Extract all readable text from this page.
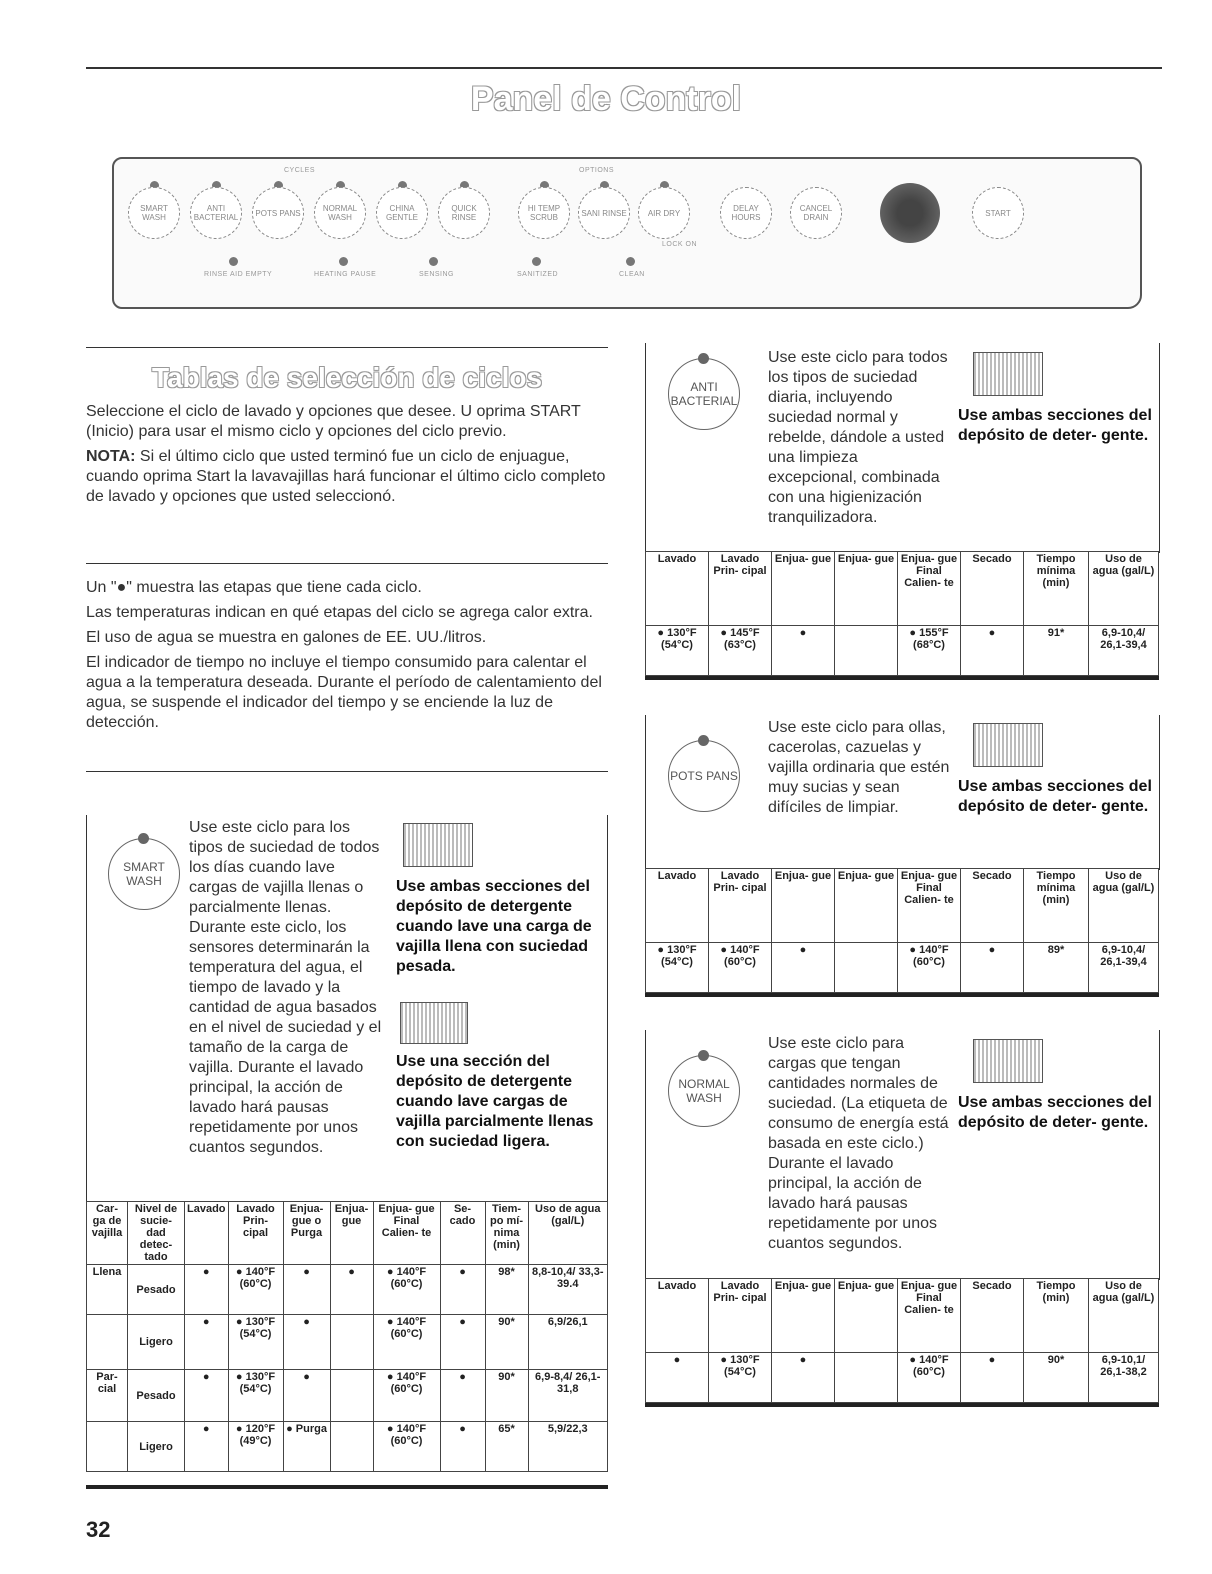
Panel de Control
CYCLES	OPTIONS
SMART WASH
ANTI BACTERIAL	POTS PANS	NORMAL WASH
CHINA GENTLE
QUICK RINSE
HI TEMP SCRUB	SANI RINSE	AIR DRY
LOCK ON
DELAY HOURS
CANCEL DRAIN	START
RINSE AID EMPTY	HEATING PAUSE	SENSING	SANITIZED	CLEAN
Tablas de selección de ciclos

Seleccione el ciclo de lavado y opciones que desee. U oprima START (Inicio) para usar el mismo ciclo y opciones del ciclo previo.

NOTA: Si el último ciclo que usted terminó fue un ciclo de enjuague, cuando oprima Start la lavavajillas hará funcionar el último ciclo completo de lavado y opciones que usted seleccionó.

Un "●" muestra las etapas que tiene cada ciclo.

Las temperaturas indican en qué etapas del ciclo se agrega calor extra.

El uso de agua se muestra en galones de EE. UU./litros.

El indicador de tiempo no incluye el tiempo consumido para calentar el agua a la temperatura deseada. Durante el período de calentamiento del agua, se suspende el indicador del tiempo y se enciende la luz de detección.

SMART WASH
Use este ciclo para los tipos de suciedad de todos los días cuando lave cargas de vajilla llenas o parcialmente llenas. Durante este ciclo, los sensores determinarán la temperatura del agua, el tiempo de lavado y la cantidad de agua basados en el nivel de suciedad y el tamaño de la carga de vajilla. Durante el lavado principal, la acción de lavado hará pausas repetidamente por unos cuantos segundos.
Use ambas secciones del depósito de detergente cuando lave una carga de vajilla llena con suciedad pesada.
Use una sección del depósito de detergente cuando lave cargas de vajilla parcialmente llenas con suciedad ligera.
Car- ga de vajilla	Nivel de sucie- dad detec- tado	Lavado	Lavado Prin- cipal	Enjua- gue o Purga	Enjua- gue	Enjua- gue Final Calien- te	Se- cado	Tiem- po mí- nima (min)	Uso de agua (gal/L)
Llena	Pesado	●	● 140°F (60°C)	●	●	● 140°F (60°C)	●	98*	8,8-10,4/ 33,3-39.4
	Ligero	●	● 130°F (54°C)	●		● 140°F (60°C)	●	90*	6,9/26,1
Par- cial	Pesado	●	● 130°F (54°C)	●		● 140°F (60°C)	●	90*	6,9-8,4/ 26,1-31,8
	Ligero	●	● 120°F (49°C)	● Purga		● 140°F (60°C)	●	65*	5,9/22,3
ANTI BACTERIAL
Use este ciclo para todos los tipos de suciedad diaria, incluyendo suciedad normal y rebelde, dándole a usted una limpieza excepcional, combinada con una higienización tranquilizadora.
Use ambas secciones del depósito de deter- gente.
Lavado	Lavado Prin- cipal	Enjua- gue	Enjua- gue	Enjua- gue Final Calien- te	Secado	Tiempo mínima (min)	Uso de agua (gal/L)
● 130°F (54°C)	● 145°F (63°C)	●		● 155°F (68°C)	●	91*	6,9-10,4/ 26,1-39,4
POTS PANS
Use este ciclo para ollas, cacerolas, cazuelas y vajilla ordinaria que estén muy sucias y sean difíciles de limpiar.
Use ambas secciones del depósito de deter- gente.
Lavado	Lavado Prin- cipal	Enjua- gue	Enjua- gue	Enjua- gue Final Calien- te	Secado	Tiempo mínima (min)	Uso de agua (gal/L)
● 130°F (54°C)	● 140°F (60°C)	●		● 140°F (60°C)	●	89*	6,9-10,4/ 26,1-39,4
NORMAL WASH
Use este ciclo para cargas que tengan cantidades normales de suciedad. (La etiqueta de consumo de energía está basada en este ciclo.) Durante el lavado principal, la acción de lavado hará pausas repetidamente por unos cuantos segundos.
Use ambas secciones del depósito de deter- gente.
Lavado	Lavado Prin- cipal	Enjua- gue	Enjua- gue	Enjua- gue Final Calien- te	Secado	Tiempo (min)	Uso de agua (gal/L)
●	● 130°F (54°C)	●		● 140°F (60°C)	●	90*	6,9-10,1/ 26,1-38,2
32
